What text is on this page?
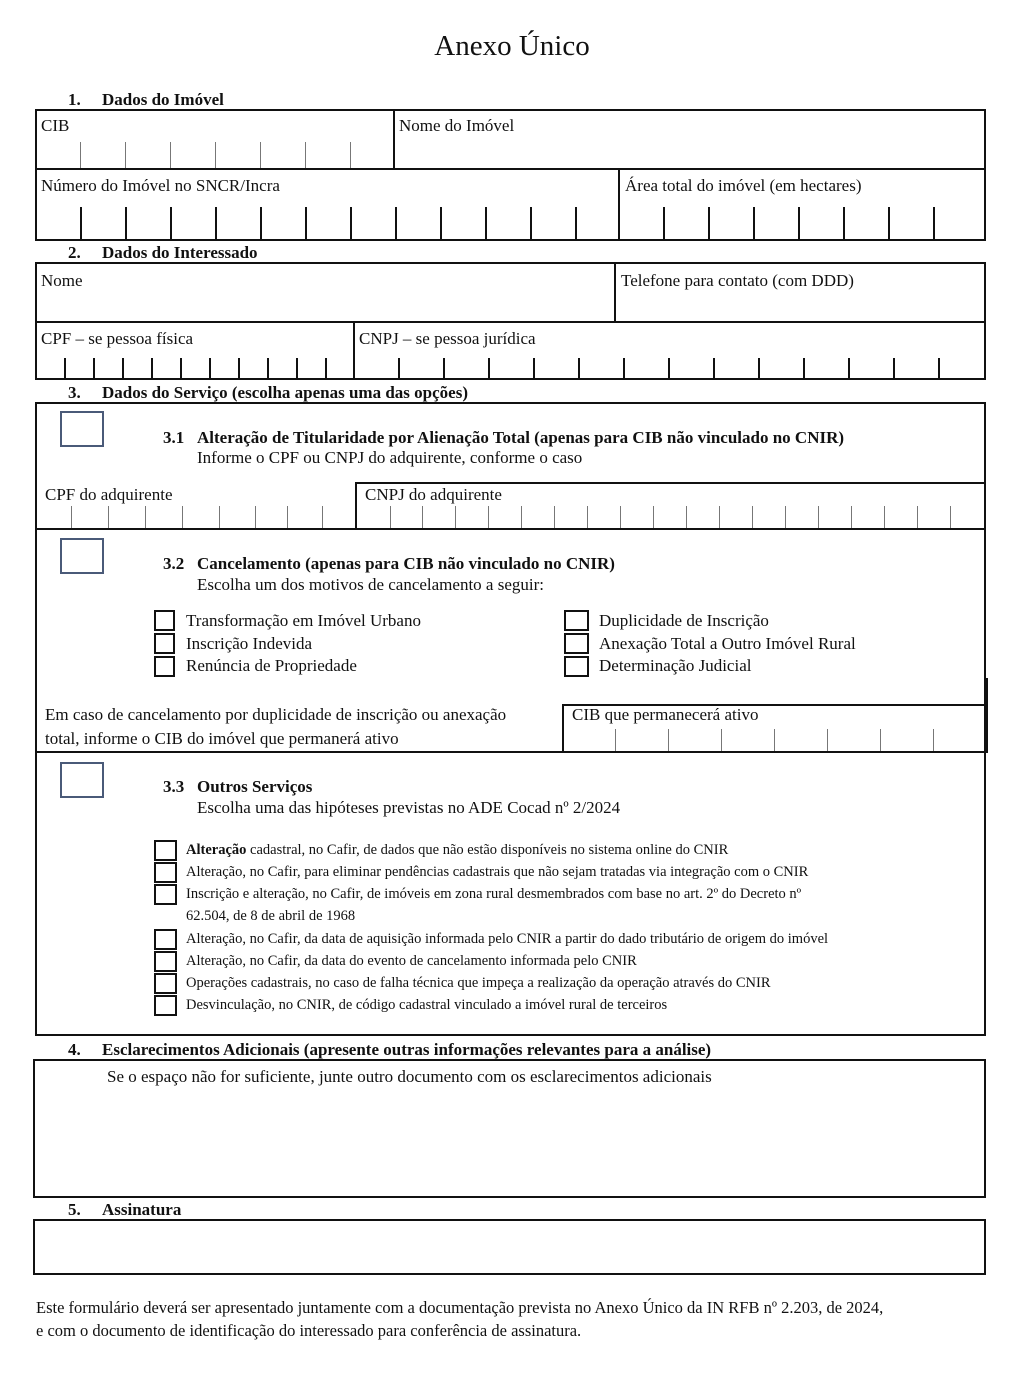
Anexo Único
1. Dados do Imóvel
CIB	Nome do Imóvel
Número do Imóvel no SNCR/Incra	Área total do imóvel (em hectares)
2. Dados do Interessado
Nome	Telefone para contato (com DDD)
CPF – se pessoa física	CNPJ – se pessoa jurídica
3. Dados do Serviço (escolha apenas uma das opções)
3.1 Alteração de Titularidade por Alienação Total (apenas para CIB não vinculado no CNIR)
Informe o CPF ou CNPJ do adquirente, conforme o caso
CPF do adquirente	CNPJ do adquirente
3.2 Cancelamento (apenas para CIB não vinculado no CNIR)
Escolha um dos motivos de cancelamento a seguir:
Transformação em Imóvel Urbano
Inscrição Indevida
Renúncia de Propriedade
Duplicidade de Inscrição
Anexação Total a Outro Imóvel Rural
Determinação Judicial
Em caso de cancelamento por duplicidade de inscrição ou anexação
total, informe o CIB do imóvel que permanerá ativo
CIB que permanecerá ativo
3.3 Outros Serviços
Escolha uma das hipóteses previstas no ADE Cocad nº 2/2024
Alteração cadastral, no Cafir, de dados que não estão disponíveis no sistema online do CNIR
Alteração, no Cafir, para eliminar pendências cadastrais que não sejam tratadas via integração com o CNIR
Inscrição e alteração, no Cafir, de imóveis em zona rural desmembrados com base no art. 2º do Decreto nº
62.504, de 8 de abril de 1968
Alteração, no Cafir, da data de aquisição informada pelo CNIR a partir do dado tributário de origem do imóvel
Alteração, no Cafir, da data do evento de cancelamento informada pelo CNIR
Operações cadastrais, no caso de falha técnica que impeça a realização da operação através do CNIR
Desvinculação, no CNIR, de código cadastral vinculado a imóvel rural de terceiros
4. Esclarecimentos Adicionais (apresente outras informações relevantes para a análise)
Se o espaço não for suficiente, junte outro documento com os esclarecimentos adicionais
5. Assinatura
Este formulário deverá ser apresentado juntamente com a documentação prevista no Anexo Único da IN RFB nº 2.203, de 2024,
e com o documento de identificação do interessado para conferência de assinatura.
